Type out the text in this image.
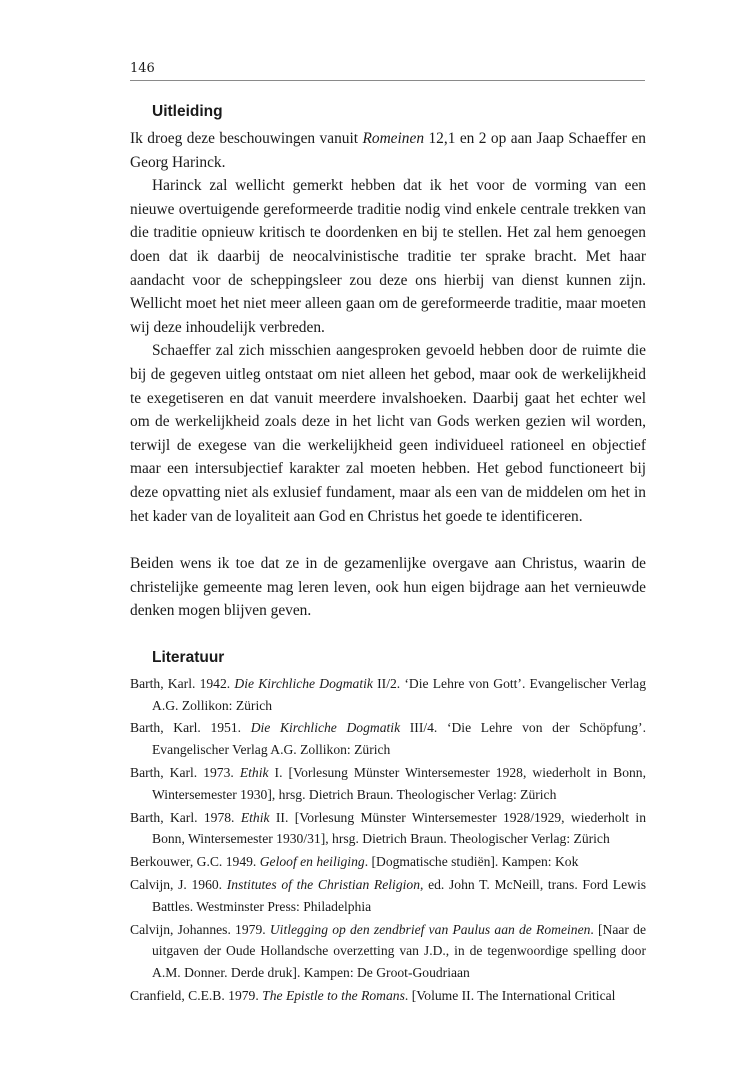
146
Uitleiding

Ik droeg deze beschouwingen vanuit Romeinen 12,1 en 2 op aan Jaap Schaeffer en Georg Harinck.

Harinck zal wellicht gemerkt hebben dat ik het voor de vorming van een nieuwe overtuigende gereformeerde traditie nodig vind enkele centrale trekken van die traditie opnieuw kritisch te doordenken en bij te stellen. Het zal hem genoegen doen dat ik daarbij de neocalvinistische traditie ter sprake bracht. Met haar aandacht voor de scheppingsleer zou deze ons hierbij van dienst kunnen zijn. Wellicht moet het niet meer alleen gaan om de gereformeerde traditie, maar moeten wij deze inhoudelijk verbreden.

Schaeffer zal zich misschien aangesproken gevoeld hebben door de ruimte die bij de gegeven uitleg ontstaat om niet alleen het gebod, maar ook de werkelijkheid te exegetiseren en dat vanuit meerdere invalshoeken. Daarbij gaat het echter wel om de werkelijkheid zoals deze in het licht van Gods werken gezien wil worden, terwijl de exegese van die werkelijkheid geen individueel rationeel en objectief maar een intersubjectief karakter zal moeten hebben. Het gebod functioneert bij deze opvatting niet als exlusief fundament, maar als een van de middelen om het in het kader van de loyaliteit aan God en Christus het goede te identificeren.

Beiden wens ik toe dat ze in de gezamenlijke overgave aan Christus, waarin de christelijke gemeente mag leren leven, ook hun eigen bijdrage aan het vernieuwde denken mogen blijven geven.

Literatuur
Barth, Karl. 1942. Die Kirchliche Dogmatik II/2. ‘Die Lehre von Gott’. Evangelischer Verlag A.G. Zollikon: Zürich
Barth, Karl. 1951. Die Kirchliche Dogmatik III/4. ‘Die Lehre von der Schöpfung’. Evangelischer Verlag A.G. Zollikon: Zürich
Barth, Karl. 1973. Ethik I. [Vorlesung Münster Wintersemester 1928, wiederholt in Bonn, Wintersemester 1930], hrsg. Dietrich Braun. Theologischer Verlag: Zürich
Barth, Karl. 1978. Ethik II. [Vorlesung Münster Wintersemester 1928/1929, wiederholt in Bonn, Wintersemester 1930/31], hrsg. Dietrich Braun. Theologischer Verlag: Zürich
Berkouwer, G.C. 1949. Geloof en heiliging. [Dogmatische studiën]. Kampen: Kok
Calvijn, J. 1960. Institutes of the Christian Religion, ed. John T. McNeill, trans. Ford Lewis Battles. Westminster Press: Philadelphia
Calvijn, Johannes. 1979. Uitlegging op den zendbrief van Paulus aan de Romeinen. [Naar de uitgaven der Oude Hollandsche overzetting van J.D., in de tegenwoordige spelling door A.M. Donner. Derde druk]. Kampen: De Groot-Goudriaan
Cranfield, C.E.B. 1979. The Epistle to the Romans. [Volume II. The International Critical
